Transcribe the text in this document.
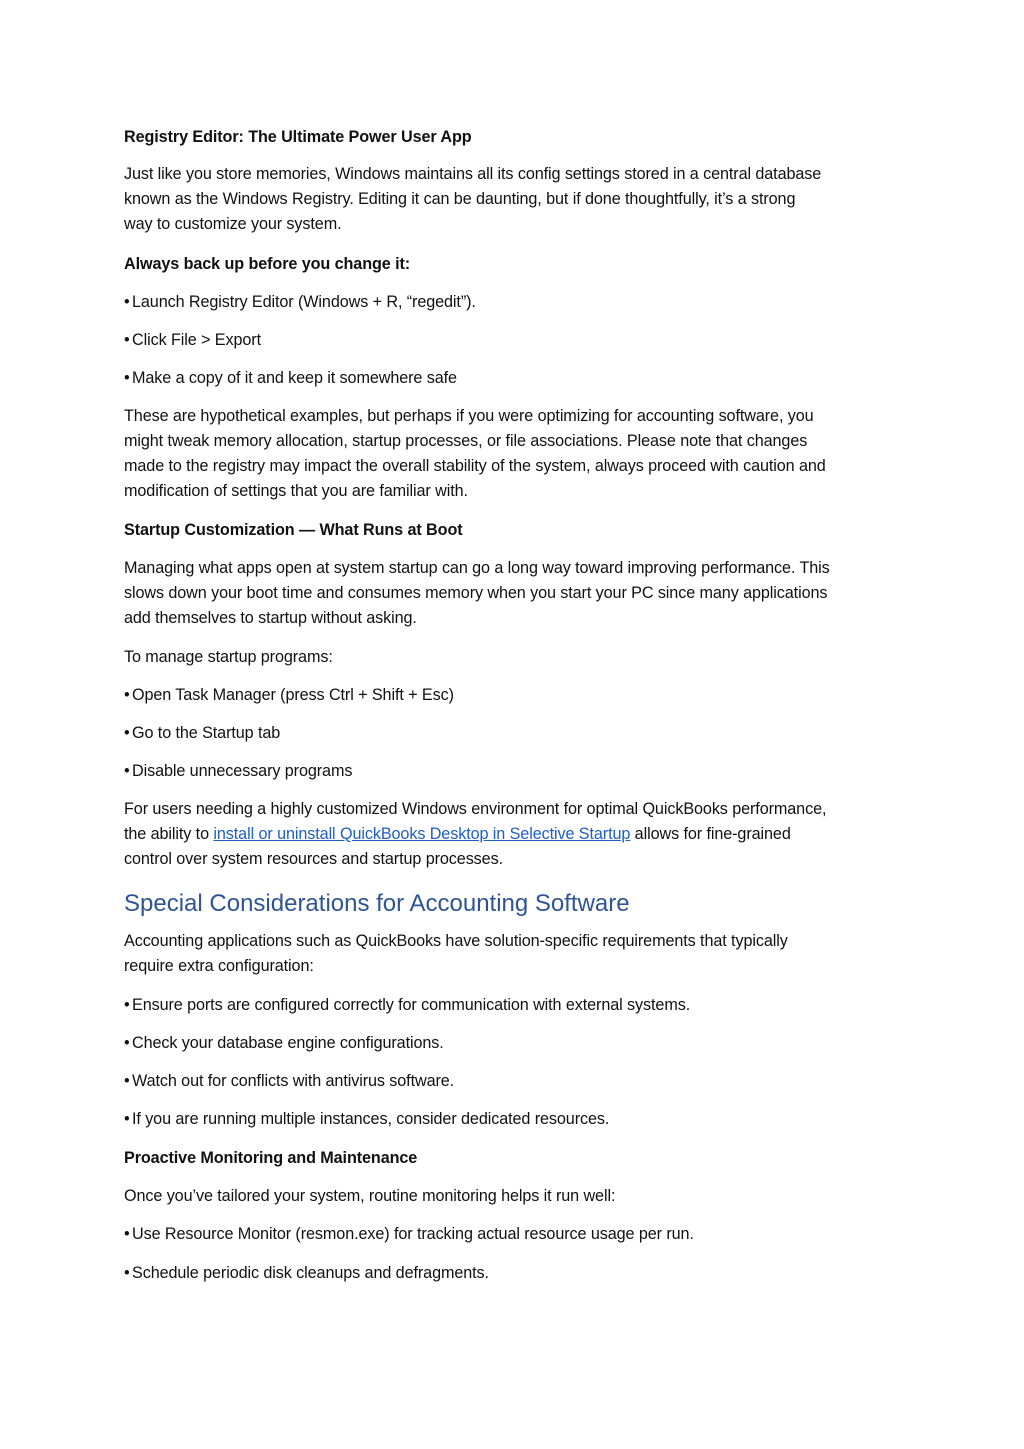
Registry Editor: The Ultimate Power User App
Just like you store memories, Windows maintains all its config settings stored in a central database
known as the Windows Registry. Editing it can be daunting, but if done thoughtfully, it’s a strong
way to customize your system.
Always back up before you change it:
• Launch Registry Editor (Windows + R, “regedit”).
• Click File > Export
• Make a copy of it and keep it somewhere safe
These are hypothetical examples, but perhaps if you were optimizing for accounting software, you
might tweak memory allocation, startup processes, or file associations. Please note that changes
made to the registry may impact the overall stability of the system, always proceed with caution and
modification of settings that you are familiar with.
Startup Customization — What Runs at Boot
Managing what apps open at system startup can go a long way toward improving performance. This
slows down your boot time and consumes memory when you start your PC since many applications
add themselves to startup without asking.
To manage startup programs:
• Open Task Manager (press Ctrl + Shift + Esc)
• Go to the Startup tab
• Disable unnecessary programs
For users needing a highly customized Windows environment for optimal QuickBooks performance,
the ability to install or uninstall QuickBooks Desktop in Selective Startup allows for fine-grained
control over system resources and startup processes.
Special Considerations for Accounting Software
Accounting applications such as QuickBooks have solution-specific requirements that typically
require extra configuration:
• Ensure ports are configured correctly for communication with external systems.
• Check your database engine configurations.
• Watch out for conflicts with antivirus software.
• If you are running multiple instances, consider dedicated resources.
Proactive Monitoring and Maintenance
Once you’ve tailored your system, routine monitoring helps it run well:
• Use Resource Monitor (resmon.exe) for tracking actual resource usage per run.
• Schedule periodic disk cleanups and defragments.
